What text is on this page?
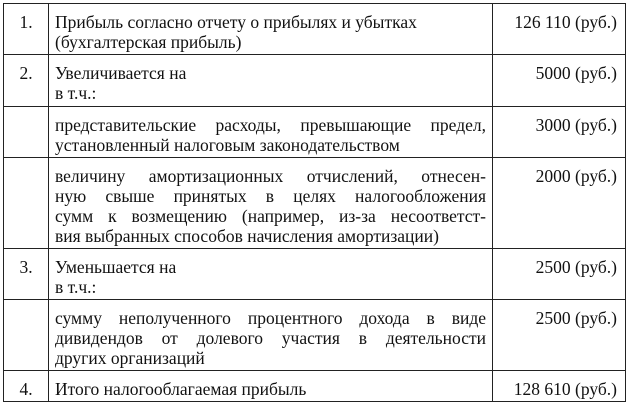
1.	Прибыль согласно отчету о прибылях и убытках
(бухгалтерская прибыль)	126 110 (руб.)
2.	Увеличивается на
в т.ч.:	5000 (руб.)

	представительские расходы, превышающие предел,
установленный налоговым законодательством	3000 (руб.)

	величину амортизационных отчислений, отнесен-
ную свыше принятых в целях налогообложения
сумм к возмещению (например, из-за несоответст-
вия выбранных способов начисления амортизации)	2000 (руб.)
3.	Уменьшается на
в т.ч.:	2500 (руб.)

	сумму неполученного процентного дохода в виде
дивидендов от долевого участия в деятельности
других организаций	2500 (руб.)
4.	Итого налогооблагаемая прибыль	128 610 (руб.)
